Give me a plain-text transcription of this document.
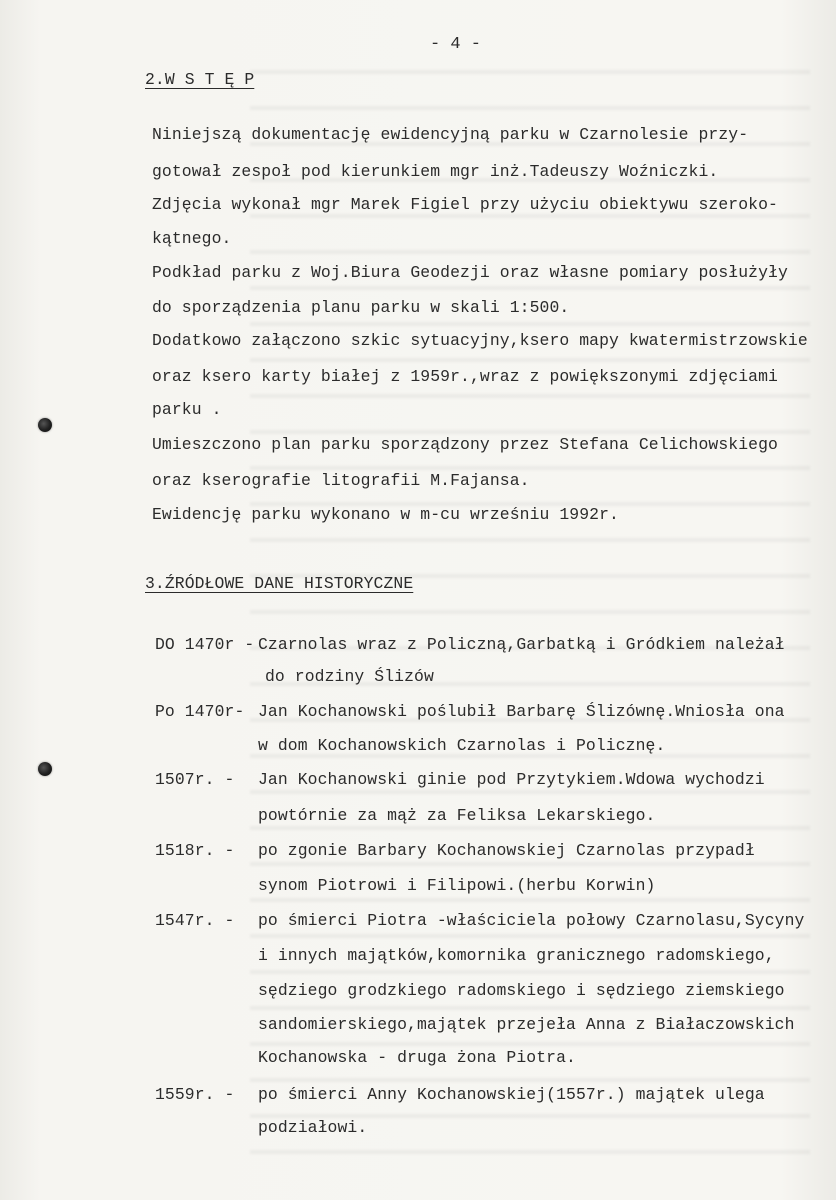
- 4 -
2.W S T Ę P
Niniejszą dokumentację ewidencyjną parku w Czarnolesie przy-
gotował zespoł pod kierunkiem mgr inż.Tadeuszy Woźniczki.
Zdjęcia wykonał mgr Marek Figiel przy użyciu obiektywu szeroko-
kątnego.
Podkład parku z Woj.Biura Geodezji oraz własne pomiary posłużyły
do sporządzenia planu parku w skali 1:500.
Dodatkowo załączono szkic sytuacyjny,ksero mapy kwatermistrzowskie
oraz ksero karty białej z 1959r.,wraz z powiększonymi zdjęciami
parku .
Umieszczono plan parku sporządzony przez Stefana Celichowskiego
oraz kserografie litografii M.Fajansa.
Ewidencję parku wykonano w m-cu wrześniu 1992r.
3.ŹRÓDŁOWE DANE HISTORYCZNE
DO 1470r - Czarnolas wraz z Policzną,Garbatką i Gródkiem należał
do rodziny Ślizów
Po 1470r- Jan Kochanowski poślubił Barbarę Ślizównę.Wniosła ona
w dom Kochanowskich Czarnolas i Policznę.
1507r. - Jan Kochanowski ginie pod Przytykiem.Wdowa wychodzi
powtórnie za mąż za Feliksa Lekarskiego.
1518r. - po zgonie Barbary Kochanowskiej Czarnolas przypadł
synom Piotrowi i Filipowi.(herbu Korwin)
1547r. - po śmierci Piotra -właściciela połowy Czarnolasu,Sycyny
i innych majątków,komornika granicznego radomskiego,
sędziego grodzkiego radomskiego i sędziego ziemskiego
sandomierskiego,majątek przejeła Anna z Białaczowskich
Kochanowska - druga żona Piotra.
1559r. - po śmierci Anny Kochanowskiej(1557r.) majątek ulega
podziałowi.
